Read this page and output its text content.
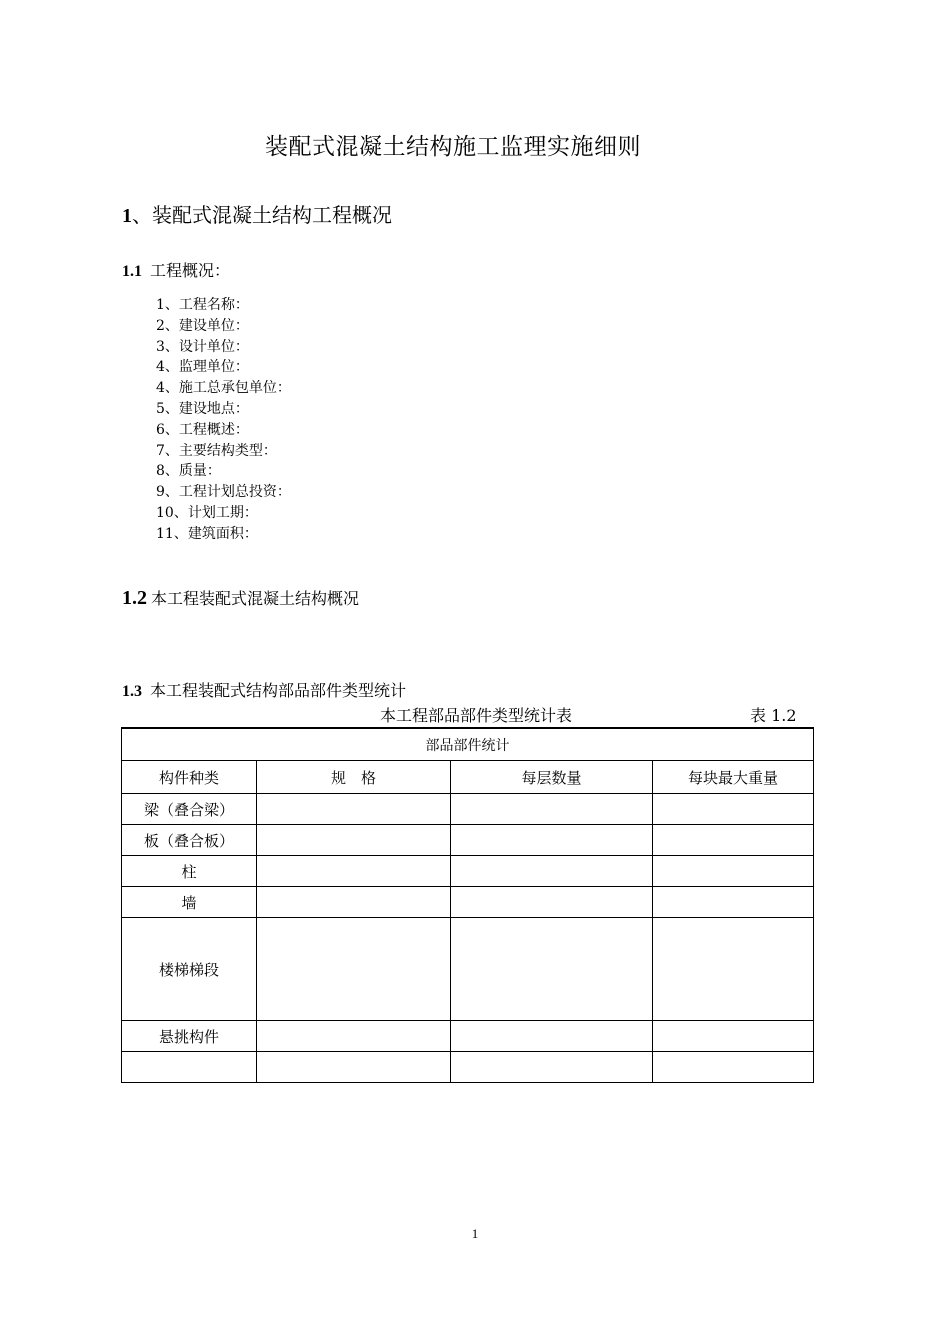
装配式混凝土结构施工监理实施细则
1、装配式混凝土结构工程概况
1.1 工程概况：
1、工程名称：
2、建设单位：
3、设计单位：
4、监理单位：
4、施工总承包单位：
5、建设地点：
6、工程概述：
7、主要结构类型：
8、质量：
9、工程计划总投资：
10、计划工期：
11、建筑面积：
1.2 本工程装配式混凝土结构概况
1.3 本工程装配式结构部品部件类型统计
本工程部品部件类型统计表	表 1.2
部品部件统计			
构件种类	规　格	每层数量	每块最大重量
梁（叠合梁）			
板（叠合板）			
柱			
墙			
楼梯梯段			
悬挑构件			

1
